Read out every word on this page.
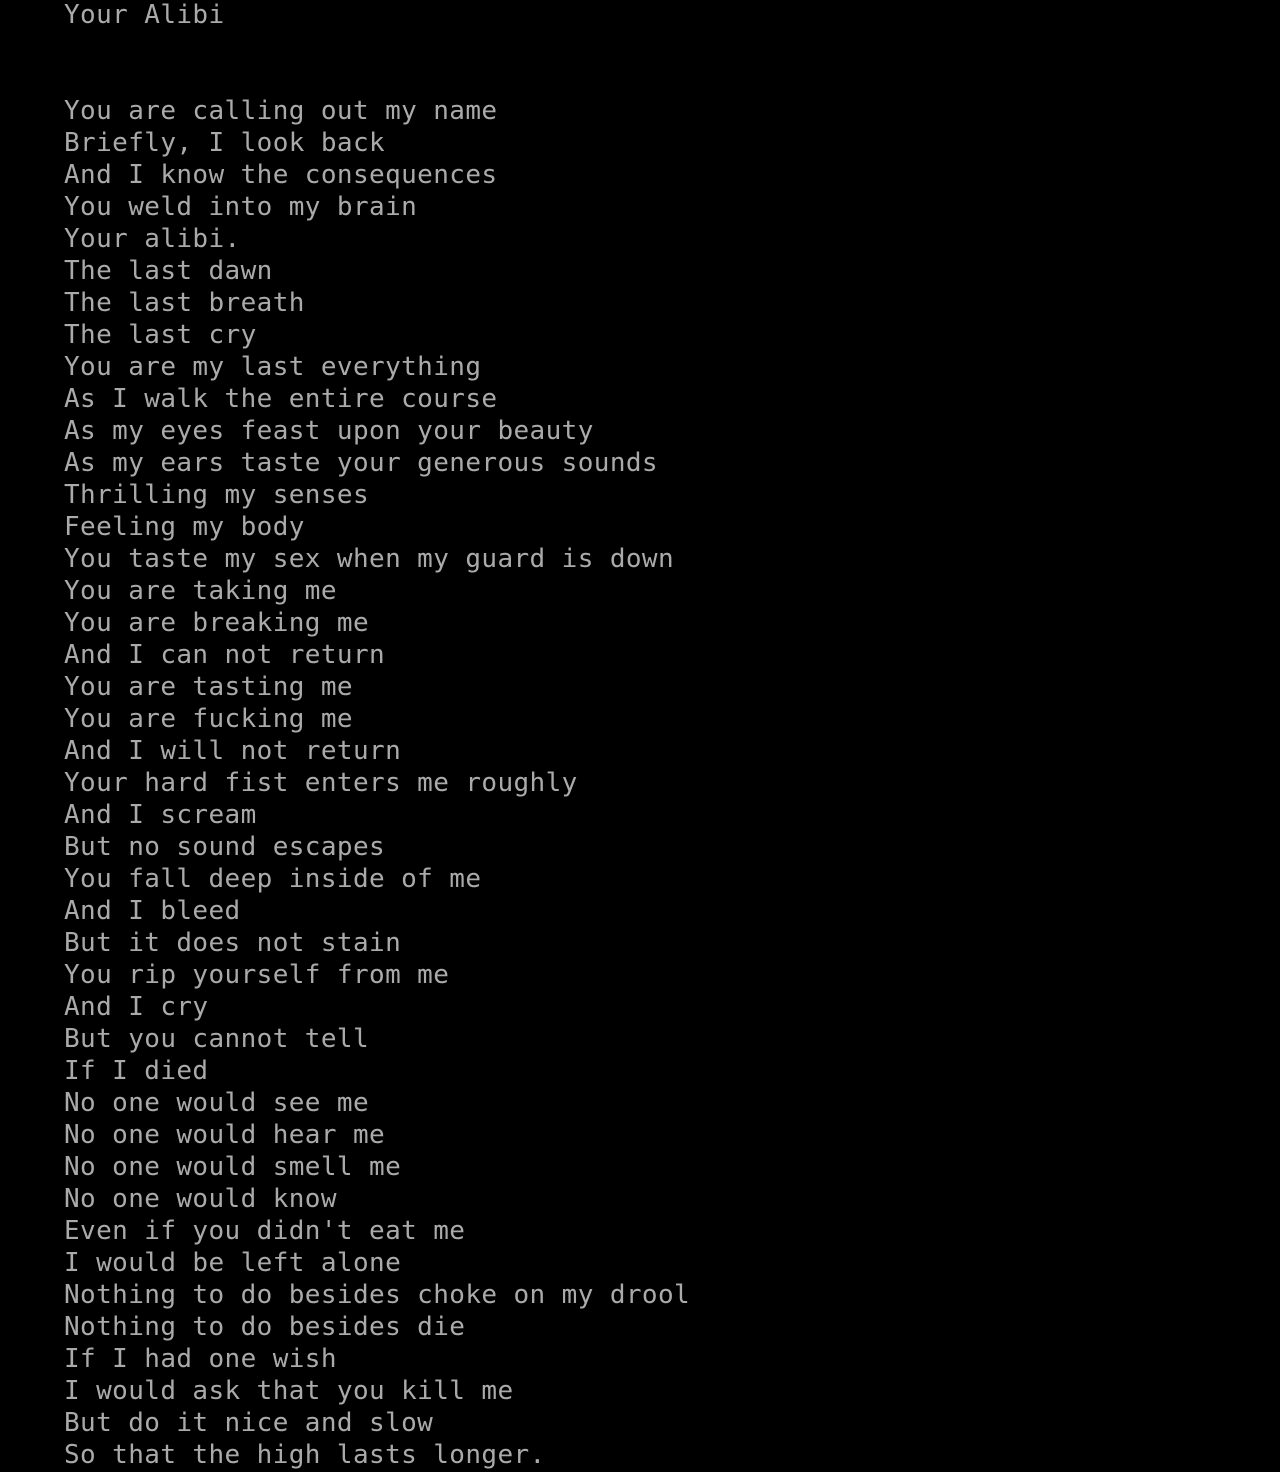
Your Alibi
You are calling out my name
Briefly, I look back
And I know the consequences
You weld into my brain
Your alibi.
The last dawn
The last breath
The last cry
You are my last everything
As I walk the entire course
As my eyes feast upon your beauty
As my ears taste your generous sounds
Thrilling my senses
Feeling my body
You taste my sex when my guard is down
You are taking me
You are breaking me
And I can not return
You are tasting me
You are fucking me
And I will not return
Your hard fist enters me roughly
And I scream
But no sound escapes
You fall deep inside of me
And I bleed
But it does not stain
You rip yourself from me
And I cry
But you cannot tell
If I died
No one would see me
No one would hear me
No one would smell me
No one would know
Even if you didn't eat me
I would be left alone
Nothing to do besides choke on my drool
Nothing to do besides die
If I had one wish
I would ask that you kill me
But do it nice and slow
So that the high lasts longer.
